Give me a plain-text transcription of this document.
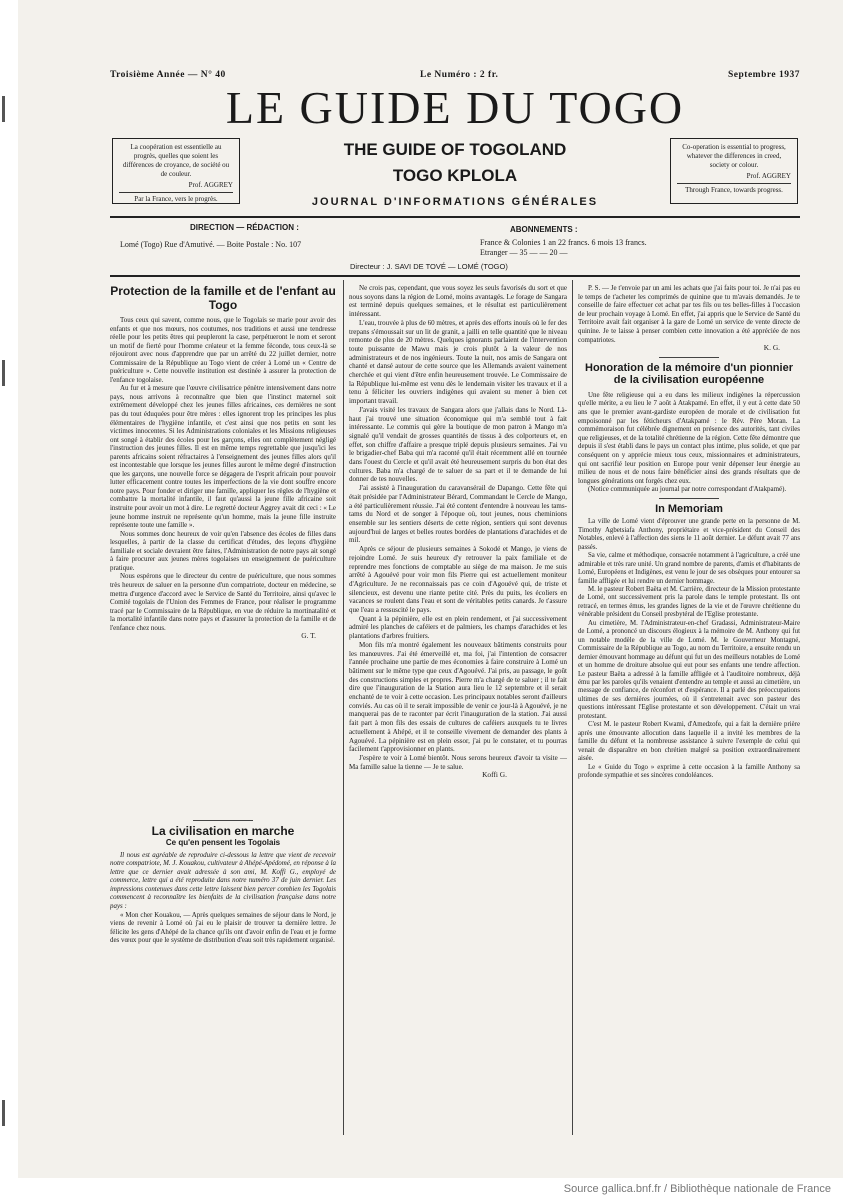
Troisième Année — N° 40	Le Numéro : 2 fr.	Septembre 1937
LE GUIDE DU TOGO
La coopération est essentielle au progrès, quelles que soient les différences de croyance, de société ou de couleur.
Prof. AGGREY
Par la France, vers le progrès.
Co-operation is essential to progress, whatever the differences in creed, society or colour.
Prof. AGGREY
Through France, towards progress.
THE GUIDE OF TOGOLAND
TOGO KPLOLA
JOURNAL D'INFORMATIONS GÉNÉRALES
DIRECTION — RÉDACTION :
Lomé (Togo) Rue d'Amutivé. — Boite Postale : No. 107
ABONNEMENTS :
France & Colonies 1 an 22 francs. 6 mois 13 francs.
Etranger — 35 — — 20 —
Directeur : J. SAVI DE TOVÉ — LOMÉ (TOGO)
Protection de la famille et de l'enfant au Togo

Tous ceux qui savent, comme nous, que le Togolais se marie pour avoir des enfants et que nos mœurs, nos coutumes, nos traditions et aussi une tendresse réelle pour les petits êtres qui peupleront la case, perpétueront le nom et seront un motif de fierté pour l'homme créateur et la femme féconde, tous ceux-là se réjouiront avec nous d'apprendre que par un arrêté du 22 juillet dernier, notre Commissaire de la République au Togo vient de créer à Lomé un « Centre de puériculture ». Cette nouvelle institution est destinée à assurer la protection de l'enfance togolaise.

Au fur et à mesure que l'œuvre civilisatrice pénètre intensivement dans notre pays, nous arrivons à reconnaître que bien que l'instinct maternel soit extrêmement développé chez les jeunes filles africaines, ces dernières ne sont pas du tout éduquées pour être mères : elles ignorent trop les principes les plus élémentaires de l'hygiène infantile, et c'est ainsi que nos petits en sont les victimes innocentes. Si les Administrations coloniales et les Missions religieuses ont songé à établir des écoles pour les garçons, elles ont complètement négligé l'instruction des jeunes filles. Il est en même temps regrettable que jusqu'ici les parents africains soient réfractaires à l'enseignement des jeunes filles alors qu'il est incontestable que lorsque les jeunes filles auront le même degré d'instruction que les garçons, une nouvelle force se dégagera de l'esprit africain pour pouvoir lutter efficacement contre toutes les imperfections de la vie dont souffre encore notre pays. Pour fonder et diriger une famille, appliquer les règles de l'hygiène et combattre la mortalité infantile, il faut qu'aussi la jeune fille africaine soit instruite pour avoir un mot à dire. Le regretté docteur Aggrey avait dit ceci : « Le jeune homme instruit ne représente qu'un homme, mais la jeune fille instruite représente toute une famille ».

Nous sommes donc heureux de voir qu'en l'absence des écoles de filles dans lesquelles, à partir de la classe du certificat d'études, des leçons d'hygiène familiale et sociale devraient être faites, l'Administration de notre pays ait songé à faire procurer aux jeunes mères togolaises un enseignement de puériculture pratique.

Nous espérons que le directeur du centre de puériculture, que nous sommes très heureux de saluer en la personne d'un compatriote, docteur en médecine, se mettra d'urgence d'accord avec le Service de Santé du Territoire, ainsi qu'avec le Comité togolais de l'Union des Femmes de France, pour réaliser le programme tracé par le Commissaire de la République, en vue de réduire la mortinatalité et la mortalité infantile dans notre pays et d'assurer la protection de la famille et de l'enfance chez nous.

G. T.
La civilisation en marche
Ce qu'en pensent les Togolais

Il nous est agréable de reproduire ci-dessous la lettre que vient de recevoir notre compatriote, M. J. Kouakou, cultivateur à Ahépé-Apédomé, en réponse à la lettre que ce dernier avait adressée à son ami, M. Koffi G., employé de commerce, lettre qui a été reproduite dans notre numéro 37 de juin dernier. Les impressions contenues dans cette lettre laissent bien percer combien les Togolais commencent à reconnaître les bienfaits de la civilisation française dans notre pays :

« Mon cher Kouakou, — Après quelques semaines de séjour dans le Nord, je viens de revenir à Lomé où j'ai eu le plaisir de trouver ta dernière lettre. Je félicite les gens d'Ahépé de la chance qu'ils ont d'avoir enfin de l'eau et je forme des vœux pour que le système de distribution d'eau soit très rapidement organisé.

Ne crois pas, cependant, que vous soyez les seuls favorisés du sort et que nous soyons dans la région de Lomé, moins avantagés. Le forage de Sangara est terminé depuis quelques semaines, et le résultat est particulièrement intéressant.

L'eau, trouvée à plus de 60 mètres, et après des efforts inouïs où le fer des trepans s'émoussait sur un lit de granit, a jailli en telle quantité que le niveau remonte de plus de 20 mètres. Quelques ignorants parlaient de l'intervention toute puissante de Mawu mais je crois plutôt à la valeur de nos administrateurs et de nos ingénieurs. Toute la nuit, nos amis de Sangara ont chanté et dansé autour de cette source que les Allemands avaient vainement cherchée et qui vient d'être enfin heureusement trouvée. Le Commissaire de la République lui-même est venu dès le lendemain visiter les travaux et il a tenu à féliciter les ouvriers indigènes qui avaient su mener à bien cet important travail.

J'avais visité les travaux de Sangara alors que j'allais dans le Nord. Là-haut j'ai trouvé une situation économique qui m'a semblé tout à fait intéressante. Le commis qui gère la boutique de mon patron à Mango m'a signalé qu'il vendait de grosses quantités de tissus à des colporteurs et, en effet, son chiffre d'affaire a presque triplé depuis plusieurs semaines. J'ai vu le brigadier-chef Baba qui m'a raconté qu'il était récemment allé en tournée dans l'ouest du Cercle et qu'il avait été heureusement surpris du bon état des cultures. Baba m'a chargé de te saluer de sa part et il te demande de lui donner de tes nouvelles.

J'ai assisté à l'inauguration du caravansérail de Dapango. Cette fête qui était présidée par l'Administrateur Bérard, Commandant le Cercle de Mango, a été particulièrement réussie. J'ai été content d'entendre à nouveau les tams-tams du Nord et de songer à l'époque où, tout jeunes, nous cheminions ensemble sur les sentiers déserts de cette région, sentiers qui sont devenus aujourd'hui de larges et belles routes bordées de plantations d'arachides et de mil.

Après ce séjour de plusieurs semaines à Sokodé et Mango, je viens de rejoindre Lomé. Je suis heureux d'y retrouver la paix familiale et de reprendre mes fonctions de comptable au siège de ma maison. Je me suis arrêté à Agouévé pour voir mon fils Pierre qui est actuellement moniteur d'Agriculture. Je ne reconnaissais pas ce coin d'Agouévé qui, de triste et silencieux, est devenu une riante petite cité. Près du puits, les écoliers en vacances se roulent dans l'eau et sont de véritables petits canards. Je t'assure que l'eau a ressuscité le pays.

Quant à la pépinière, elle est en plein rendement, et j'ai successivement admiré les planches de caféiers et de palmiers, les champs d'arachides et les plantations d'arbres fruitiers.

Mon fils m'a montré également les nouveaux bâtiments construits pour les manœuvres. J'ai été émerveillé et, ma foi, j'ai l'intention de consacrer l'année prochaine une partie de mes économies à faire construire à Lomé un bâtiment sur le même type que ceux d'Agouévé. J'ai pris, au passage, le goût des constructions simples et propres. Pierre m'a chargé de te saluer ; il te fait dire que l'inauguration de la Station aura lieu le 12 septembre et il serait enchanté de te voir à cette occasion. Les principaux notables seront d'ailleurs conviés. Au cas où il te serait impossible de venir ce jour-là à Agouévé, je ne manquerai pas de te raconter par écrit l'inauguration de la station. J'ai aussi fait part à mon fils des essais de cultures de caféiers auxquels tu te livres actuellement à Ahépé, et il te conseille vivement de demander des plants à Agouévé. La pépinière est en plein essor, j'ai pu le constater, et tu pourras facilement t'approvisionner en plants.

J'espère te voir à Lomé bientôt. Nous serons heureux d'avoir ta visite — Ma famille salue la tienne — Je te salue.

Koffi G.

P. S. — Je t'envoie par un ami les achats que j'ai faits pour toi. Je n'ai pas eu le temps de t'acheter les comprimés de quinine que tu m'avais demandés. Je te conseille de faire effectuer cet achat par tes fils ou tes belles-filles à l'occasion de leur prochain voyage à Lomé. En effet, j'ai appris que le Service de Santé du Territoire avait fait organiser à la gare de Lomé un service de vente directe de quinine. Je te laisse à penser combien cette innovation a été appréciée de nos compatriotes.

K. G.
Honoration de la mémoire d'un pionnier de la civilisation européenne

Une fête religieuse qui a eu dans les milieux indigènes la répercussion qu'elle mérite, a eu lieu le 7 août à Atakpamé. En effet, il y eut à cette date 50 ans que le premier avant-gardiste européen de morale et de civilisation fut empoisonné par les féticheurs d'Atakpamé : le Rév. Père Moran. La commémoraison fut célébrée dignement en présence des autorités, tant civiles que religieuses, et de la totalité chrétienne de la région. Cette fête démontre que depuis il s'est établi dans le pays un contact plus intime, plus solide, et que par conséquent on y apprécie mieux tous ceux, missionnaires et administrateurs, qui ont sacrifié leur position en Europe pour venir dépenser leur énergie au milieu de nous et de nous faire bénéficier ainsi des grands résultats que de longues générations ont forgés chez eux.

(Notice communiquée au journal par notre correspondant d'Atakpamé).

In Memoriam

La ville de Lomé vient d'éprouver une grande perte en la personne de M. Timothy Agbetsiafa Anthony, propriétaire et vice-président du Conseil des Notables, enlevé à l'affection des siens le 11 août dernier. Le défunt avait 77 ans passés.

Sa vie, calme et méthodique, consacrée notamment à l'agriculture, a créé une admirable et très rare unité. Un grand nombre de parents, d'amis et d'habitants de Lomé, Européens et Indigènes, est venu le jour de ses obsèques pour entourer sa famille affligée et lui rendre un dernier hommage.

M. le pasteur Robert Baëta et M. Carrière, directeur de la Mission protestante de Lomé, ont successivement pris la parole dans le temple protestant. Ils ont retracé, en termes émus, les grandes lignes de la vie et de l'œuvre chrétienne du vénérable président du Conseil presbytéral de l'Eglise protestante.

Au cimetière, M. l'Administrateur-en-chef Gradassi, Administrateur-Maire de Lomé, a prononcé un discours élogieux à la mémoire de M. Anthony qui fut un notable modèle de la ville de Lomé. M. le Gouverneur Montagné, Commissaire de la République au Togo, au nom du Territoire, a ensuite rendu un dernier émouvant hommage au défunt qui fut un des meilleurs notables de Lomé et un homme de droiture absolue qui eut pour ses enfants une tendre affection. Le pasteur Baëta a adressé à la famille affligée et à l'auditoire nombreux, déjà ému par les paroles qu'ils venaient d'entendre au temple et aussi au cimetière, un message de confiance, de réconfort et d'espérance. Il a parlé des préoccupations ultimes de ses dernières journées, où il s'entretenait avec son pasteur des questions intéressant l'Eglise protestante et son développement. C'était un vrai protestant.

C'est M. le pasteur Robert Kwami, d'Amedzofe, qui a fait la dernière prière après une émouvante allocution dans laquelle il a invité les membres de la famille du défunt et la nombreuse assistance à suivre l'exemple de celui qui venait de disparaître en bon chrétien malgré sa position extraordinairement aisée.

Le « Guide du Togo » exprime à cette occasion à la famille Anthony sa profonde sympathie et ses sincères condoléances.

Source gallica.bnf.fr / Bibliothèque nationale de France
